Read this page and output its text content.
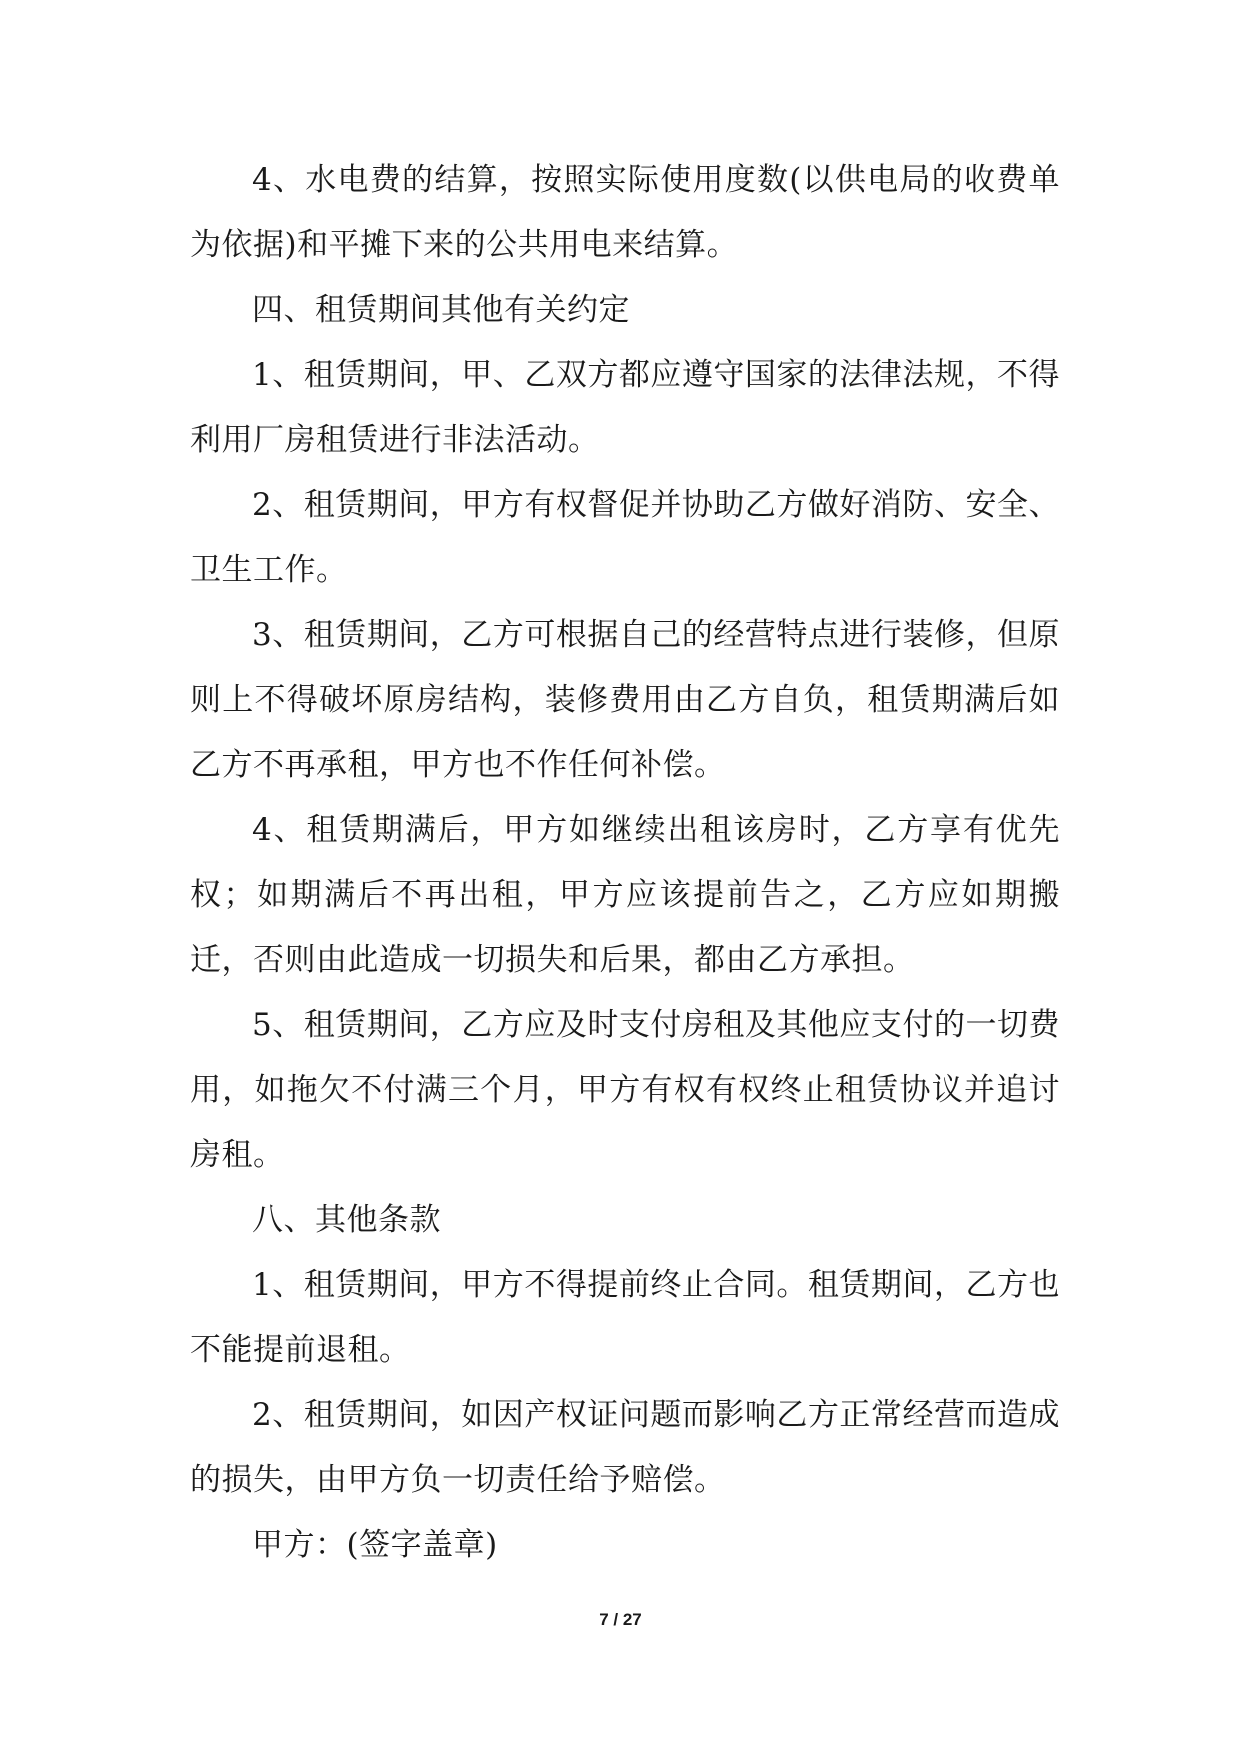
4、水电费的结算，按照实际使用度数(以供电局的收费单为依据)和平摊下来的公共用电来结算。

四、租赁期间其他有关约定

1、租赁期间，甲、乙双方都应遵守国家的法律法规，不得利用厂房租赁进行非法活动。

2、租赁期间，甲方有权督促并协助乙方做好消防、安全、卫生工作。

3、租赁期间，乙方可根据自己的经营特点进行装修，但原则上不得破坏原房结构，装修费用由乙方自负，租赁期满后如乙方不再承租，甲方也不作任何补偿。

4、租赁期满后，甲方如继续出租该房时，乙方享有优先权；如期满后不再出租，甲方应该提前告之，乙方应如期搬迁，否则由此造成一切损失和后果，都由乙方承担。

5、租赁期间，乙方应及时支付房租及其他应支付的一切费用，如拖欠不付满三个月，甲方有权有权终止租赁协议并追讨房租。

八、其他条款

1、租赁期间，甲方不得提前终止合同。租赁期间，乙方也不能提前退租。

2、租赁期间，如因产权证问题而影响乙方正常经营而造成的损失，由甲方负一切责任给予赔偿。

甲方：(签字盖章)

7 / 27
